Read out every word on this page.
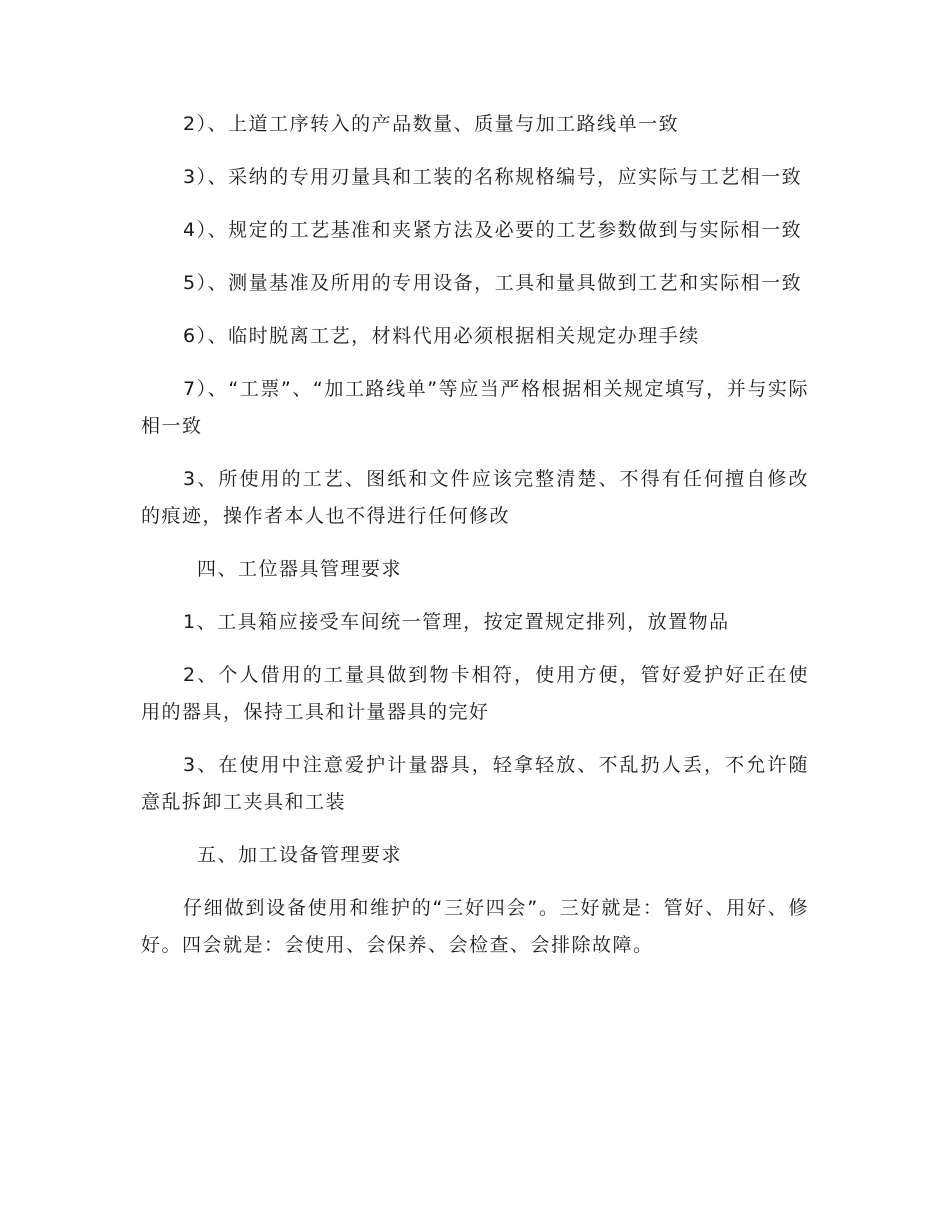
2）、上道工序转入的产品数量、质量与加工路线单一致

3）、采纳的专用刃量具和工装的名称规格编号，应实际与工艺相一致

4）、规定的工艺基准和夹紧方法及必要的工艺参数做到与实际相一致

5）、测量基准及所用的专用设备，工具和量具做到工艺和实际相一致

6）、临时脱离工艺，材料代用必须根据相关规定办理手续

7）、“工票”、“加工路线单”等应当严格根据相关规定填写，并与实际相一致

3、所使用的工艺、图纸和文件应该完整清楚、不得有任何擅自修改的痕迹，操作者本人也不得进行任何修改

四、工位器具管理要求

1、工具箱应接受车间统一管理，按定置规定排列，放置物品

2、个人借用的工量具做到物卡相符，使用方便，管好爱护好正在使用的器具，保持工具和计量器具的完好

3、在使用中注意爱护计量器具，轻拿轻放、不乱扔人丢，不允许随意乱拆卸工夹具和工装

五、加工设备管理要求

仔细做到设备使用和维护的“三好四会”。三好就是：管好、用好、修好。四会就是：会使用、会保养、会检查、会排除故障。
